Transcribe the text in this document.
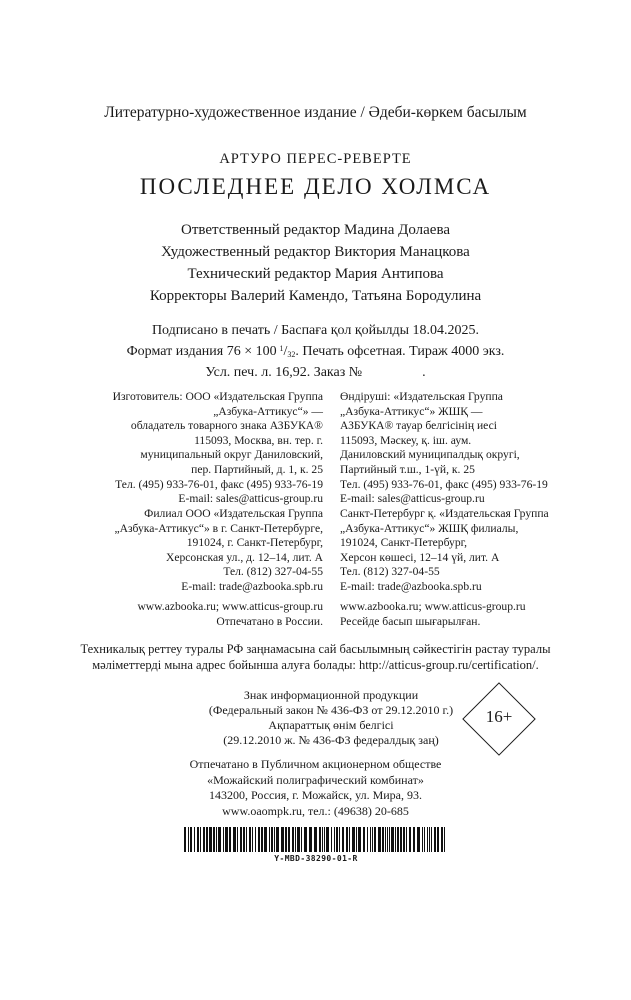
Литературно-художественное издание / Әдеби-көркем басылым
АРТУРО ПЕРЕС-РЕВЕРТЕ
ПОСЛЕДНЕЕ ДЕЛО ХОЛМСА
Ответственный редактор Мадина Долаева
Художественный редактор Виктория Манацкова
Технический редактор Мария Антипова
Корректоры Валерий Камендо, Татьяна Бородулина
Подписано в печать / Баспаға қол қойылды 18.04.2025.
Формат издания 76 × 100  $^1/_{32}$. Печать офсетная. Тираж 4000 экз.
Усл. печ. л. 16,92. Заказ №	.
Изготовитель: ООО «Издательская Группа
„Азбука-Аттикус“» —
обладатель товарного знака АЗБУКА®
115093, Москва, вн. тер. г.
муниципальный округ Даниловский,
пер. Партийный, д. 1, к. 25
Тел. (495) 933-76-01, факс (495) 933-76-19
E-mail: sales@atticus-group.ru
Өндіруші: «Издательская Группа
„Азбука-Аттикус“» ЖШҚ —
АЗБУКА® тауар белгісінің иесі
115093, Мәскеу, қ. іш. аум.
Даниловский муниципалдық округі,
Партийный т.ш., 1-үй, к. 25
Тел. (495) 933-76-01, факс (495) 933-76-19
E-mail: sales@atticus-group.ru
Филиал ООО «Издательская Группа
„Азбука-Аттикус“» в г. Санкт-Петербурге,
191024, г. Санкт-Петербург,
Херсонская ул., д. 12–14, лит. А
Тел. (812) 327-04-55
E-mail: trade@azbooka.spb.ru
Санкт-Петербург қ. «Издательская Группа
„Азбука-Аттикус“» ЖШҚ филиалы,
191024, Санкт-Петербург,
Херсон көшесі, 12–14 үй, лит. А
Тел. (812) 327-04-55
E-mail: trade@azbooka.spb.ru
www.azbooka.ru; www.atticus-group.ru
Отпечатано в России.
www.azbooka.ru; www.atticus-group.ru
Ресейде басып шығарылған.
Техникалық реттеу туралы РФ заңнамасына сай басылымның сәйкестігін растау туралы
мәліметтерді мына адрес бойынша алуға болады: http://atticus-group.ru/certification/.
Знак информационной продукции
(Федеральный закон № 436-ФЗ от 29.12.2010 г.)
Ақпараттық өнім белгісі
(29.12.2010 ж. № 436-ФЗ федералдық заң)
16+
Отпечатано в Публичном акционерном обществе
«Можайский полиграфический комбинат»
143200, Россия, г. Можайск, ул. Мира, 93.
www.oaompk.ru, тел.: (49638) 20-685
Y-MBD-38290-01-R
